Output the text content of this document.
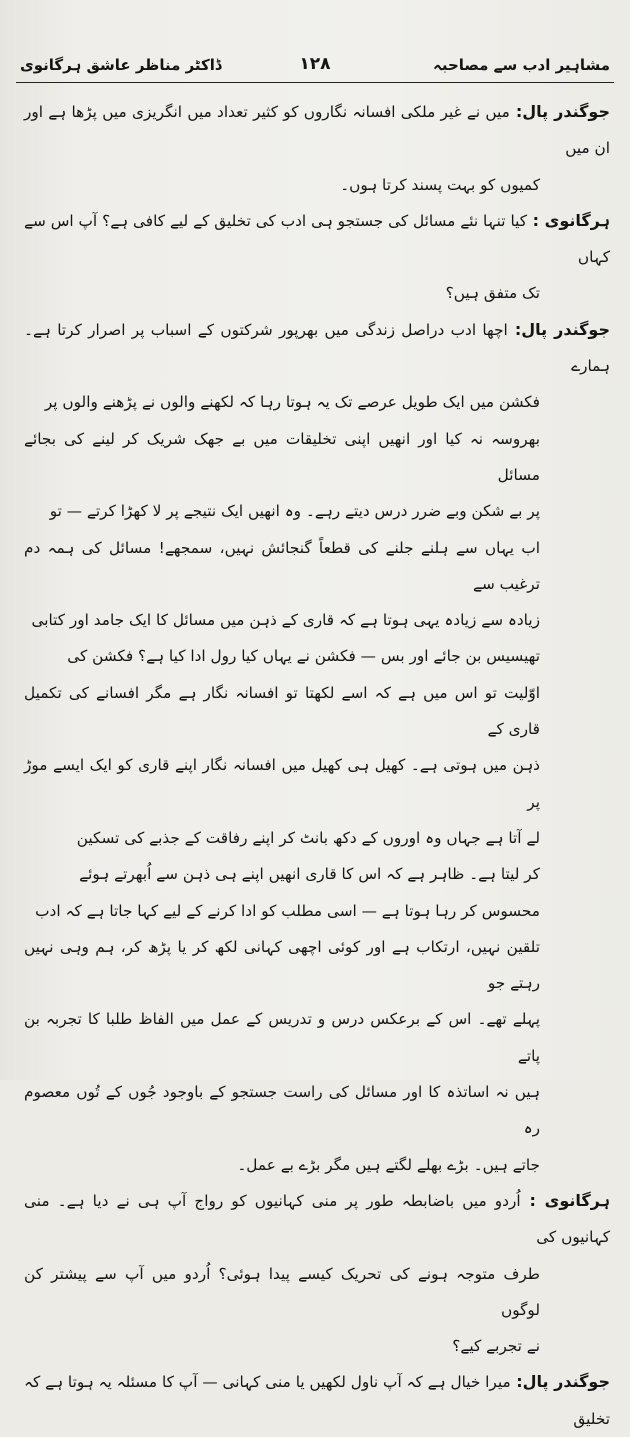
ڈاکٹر مناظر عاشق ہرگانوی	۱۲۸	مشاہیر ادب سے مصاحبہ
جوگندر پال: میں نے غیر ملکی افسانہ نگاروں کو کثیر تعداد میں انگریزی میں پڑھا ہے اور ان میں
کمیوں کو بہت پسند کرتا ہوں۔
ہرگانوی : کیا تنہا نئے مسائل کی جستجو ہی ادب کی تخلیق کے لیے کافی ہے؟ آپ اس سے کہاں
تک متفق ہیں؟
جوگندر پال: اچھا ادب دراصل زندگی میں بھرپور شرکتوں کے اسباب پر اصرار کرتا ہے۔ ہمارے
فکشن میں ایک طویل عرصے تک یہ ہوتا رہا کہ لکھنے والوں نے پڑھنے والوں پر
بھروسہ نہ کیا اور انھیں اپنی تخلیقات میں بے جھک شریک کر لینے کی بجائے مسائل
پر بے شکن وبے ضرر درس دیتے رہے۔ وہ انھیں ایک نتیجے پر لا کھڑا کرتے — تو
اب یہاں سے ہلنے جلنے کی قطعاً گنجائش نہیں، سمجھے! مسائل کی ہمہ دم ترغیب سے
زیادہ سے زیادہ یہی ہوتا ہے کہ قاری کے ذہن میں مسائل کا ایک جامد اور کتابی
تھیسیس بن جائے اور بس — فکشن نے یہاں کیا رول ادا کیا ہے؟ فکشن کی
اوّلیت تو اس میں ہے کہ اسے لکھتا تو افسانہ نگار ہے مگر افسانے کی تکمیل قاری کے
ذہن میں ہوتی ہے۔ کھیل ہی کھیل میں افسانہ نگار اپنے قاری کو ایک ایسے موڑ پر
لے آتا ہے جہاں وہ اوروں کے دکھ بانٹ کر اپنے رفاقت کے جذبے کی تسکین
کر لیتا ہے۔ ظاہر ہے کہ اس کا قاری انھیں اپنے ہی ذہن سے اُبھرتے ہوئے
محسوس کر رہا ہوتا ہے — اسی مطلب کو ادا کرنے کے لیے کہا جاتا ہے کہ ادب
تلقین نہیں، ارتکاب ہے اور کوئی اچھی کہانی لکھ کر یا پڑھ کر، ہم وہی نہیں رہتے جو
پہلے تھے۔ اس کے برعکس درس و تدریس کے عمل میں الفاظ طلبا کا تجربہ بن پاتے
ہیں نہ اساتذہ کا اور مسائل کی راست جستجو کے باوجود جُوں کے تُوں معصوم رہ
جاتے ہیں۔ بڑے بھلے لگتے ہیں مگر بڑے بے عمل۔
ہرگانوی : اُردو میں باضابطہ طور پر منی کہانیوں کو رواج آپ ہی نے دیا ہے۔ منی کہانیوں کی
طرف متوجہ ہونے کی تحریک کیسے پیدا ہوئی؟ اُردو میں آپ سے پیشتر کن لوگوں
نے تجربے کیے؟
جوگندر پال: میرا خیال ہے کہ آپ ناول لکھیں یا منی کہانی — آپ کا مسئلہ یہ ہوتا ہے کہ تخلیق
